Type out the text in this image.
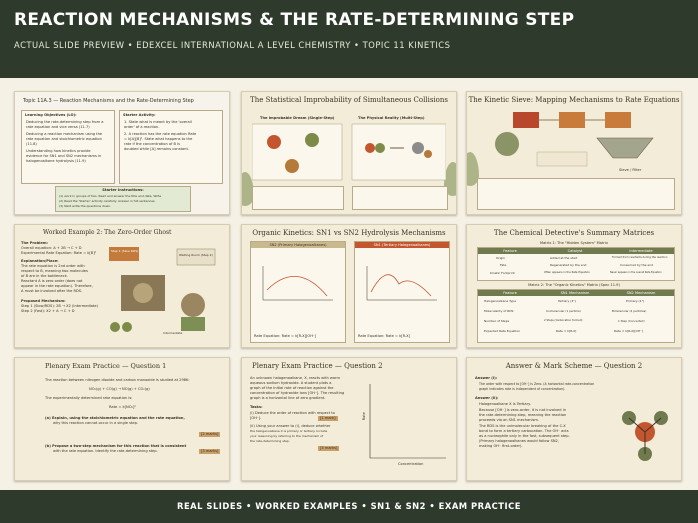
REACTION MECHANISMS & THE RATE-DETERMINING STEP
ACTUAL SLIDE PREVIEW • EDEXCEL INTERNATIONAL A LEVEL CHEMISTRY • TOPIC 11 KINETICS
Topic 11A.3 — Reaction Mechanisms and the Rate-Determining Step
Learning Objectives (LO):
Deducing the rate-determining step from a
rate equation and vice versa (11.7)
Deducing a reaction mechanism using the
rate equation and stoichiometric equation
(11.8)
Understanding how kinetics provide
evidence for SN1 and SN2 mechanisms in
halogenoalkane hydrolysis (11.9)
Starter Activity:
1. State what is meant by the 'overall
order' of a reaction.
2. A reaction has the rate equation Rate
= k[A][B]². State what happens to the
rate if the concentration of B is
doubled while [A] remains constant.
Starter Instructions:
(1) work in groups of two. Read and answer the title and data. Write
(2) Read the 'Starter' activity carefully. Answer in full sentences.
(3) Next write the questions down.
The Statistical Improbability of Simultaneous Collisions
The Improbable Dream (Single-Step)	The Physical Reality (Multi-Step)
The Kinetic Sieve: Mapping Mechanisms to Rate Equations
Sieve / Filter
Worked Example 2: The Zero-Order Ghost
The Problem:
Overall equation: A + 2B → C + D
Experimental Rate Equation: Rate = k[B]²
Explanation/Place:
The rate equation is 2nd order with
respect to B, meaning two molecules
of B are in the bottleneck.
Reactant A is zero order (does not
appear in the rate equation). Therefore,
A must be involved after the RDS.
Proposed Mechanism:
Step 1 (Slow/RDS): 2B → X2 (Intermediate)
Step 2 (Fast): X2 + A → C + D
Step 1 (Slow RDS)
Waiting Room (Step 2)
Intermediate
Organic Kinetics: SN1 vs SN2 Hydrolysis Mechanisms
SN2 (Primary Halogenoalkanes)
Rate Equation: Rate = k[R-X][OH⁻]
SN1 (Tertiary Halogenoalkanes)
Rate Equation: Rate = k[R-X]
The Chemical Detective's Summary Matrices
Matrix 1: The "Hidden System" Matrix
Feature	Catalyst	Intermediate
Origin	Added at the start	Formed from reactants during the reaction
Fate	Regenerated by the end	Consumed by the end
Kinetic Footprint	Often appears in the Rate Equation	Never appears in the overall Rate Equation
Matrix 2: The "Organic Kinetics" Matrix (Spec 11.9)
Feature	SN1 Mechanism	SN2 Mechanism
Halogenoalkane Type	Tertiary (3°)	Primary (1°)
Molecularity of RDS	Unimolecular (1 particle)	Bimolecular (2 particles)
Number of Steps	2 Steps (Carbocation formed)	1 Step (Concerted)
Expected Rate Equation	Rate = k[R-X]	Rate = k[R-X][OH⁻]
Plenary Exam Practice — Question 1
The reaction between nitrogen dioxide and carbon monoxide is studied at 298K:
NO₂(g) + CO(g) → NO(g) + CO₂(g)
The experimentally determined rate equation is:
Rate = k[NO₂]²
(a) Explain, using the stoichiometric equation and the rate equation,
why this reaction cannot occur in a single step.
[2 marks]
(b) Propose a two-step mechanism for this reaction that is consistent
with the rate equation. Identify the rate-determining step.	[3 marks]
Plenary Exam Practice — Question 2
An unknown halogenoalkane, X, reacts with warm
aqueous sodium hydroxide. A student plots a
graph of the initial rate of reaction against the
concentration of hydroxide ions [OH⁻]. The resulting
graph is a horizontal line of zero gradient.
Tasks:
(i) Deduce the order of reaction with respect to
[OH⁻].	[1 mark]
(ii) Using your answer to (i), deduce whether
the halogenoalkane X is primary or tertiary. Include
your reasoning by referring to the mechanism of
the rate-determining step.
[3 marks]
Rate
Concentration
Answer & Mark Scheme — Question 2
Answer (i):
The order with respect to [OH⁻] is Zero. (A horizontal rate-concentration
graph indicates rate is independent of concentration).
Answer (ii):
Halogenoalkane X is Tertiary.
Because [OH⁻] is zero-order, it is not involved in
the rate-determining step, meaning the reaction
proceeds via an SN1 mechanism.
The RDS is the unimolecular breaking of the C-X
bond to form a tertiary carbocation. The OH⁻ acts
as a nucleophile only in the fast, subsequent step.
(Primary halogenoalkanes would follow SN2,
making OH⁻ first-order).
REAL SLIDES • WORKED EXAMPLES • SN1 & SN2 • EXAM PRACTICE
